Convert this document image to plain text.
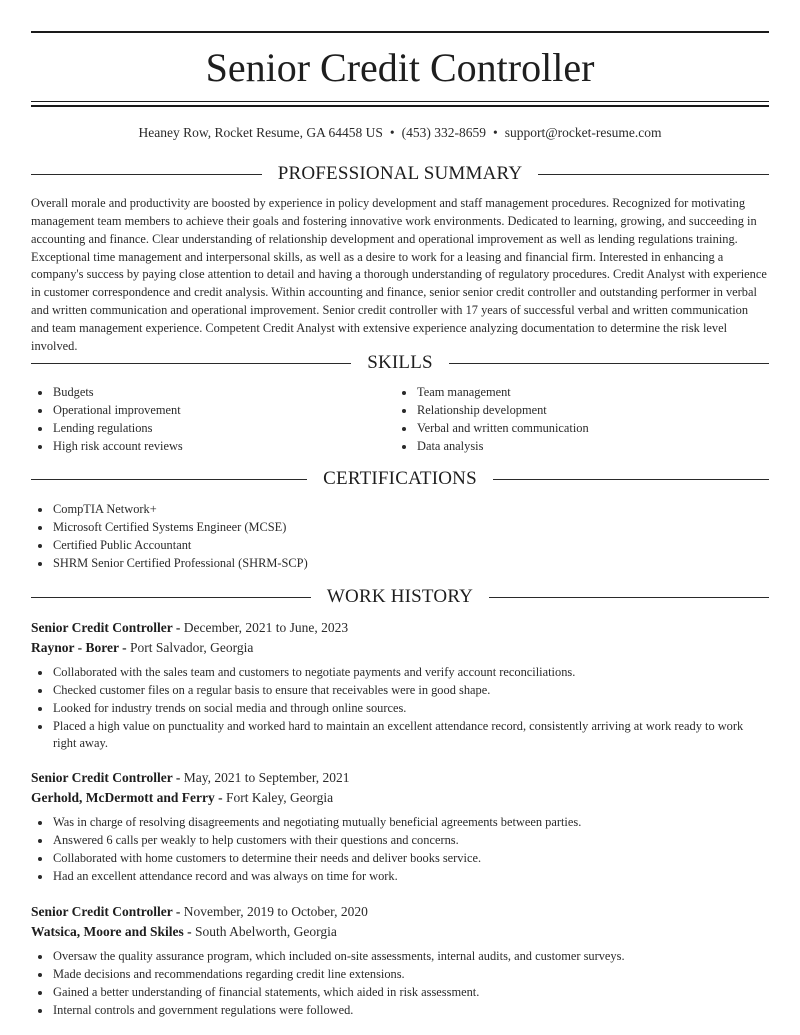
Senior Credit Controller
Heaney Row, Rocket Resume, GA 64458 US • (453) 332-8659 • support@rocket-resume.com
PROFESSIONAL SUMMARY

Overall morale and productivity are boosted by experience in policy development and staff management procedures. Recognized for motivating management team members to achieve their goals and fostering innovative work environments. Dedicated to learning, growing, and succeeding in accounting and finance. Clear understanding of relationship development and operational improvement as well as lending regulations training. Exceptional time management and interpersonal skills, as well as a desire to work for a leasing and financial firm. Interested in enhancing a company's success by paying close attention to detail and having a thorough understanding of regulatory procedures. Credit Analyst with experience in customer correspondence and credit analysis. Within accounting and finance, senior senior credit controller and outstanding performer in verbal and written communication and operational improvement. Senior credit controller with 17 years of successful verbal and written communication and team management experience. Competent Credit Analyst with extensive experience analyzing documentation to determine the risk level involved.

SKILLS
Budgets
Operational improvement
Lending regulations
High risk account reviews
Team management
Relationship development
Verbal and written communication
Data analysis
CERTIFICATIONS
CompTIA Network+
Microsoft Certified Systems Engineer (MCSE)
Certified Public Accountant
SHRM Senior Certified Professional (SHRM-SCP)
WORK HISTORY
Senior Credit Controller - December, 2021 to June, 2023
Raynor - Borer - Port Salvador, Georgia
Collaborated with the sales team and customers to negotiate payments and verify account reconciliations.
Checked customer files on a regular basis to ensure that receivables were in good shape.
Looked for industry trends on social media and through online sources.
Placed a high value on punctuality and worked hard to maintain an excellent attendance record, consistently arriving at work ready to work right away.
Senior Credit Controller - May, 2021 to September, 2021
Gerhold, McDermott and Ferry - Fort Kaley, Georgia
Was in charge of resolving disagreements and negotiating mutually beneficial agreements between parties.
Answered 6 calls per weakly to help customers with their questions and concerns.
Collaborated with home customers to determine their needs and deliver books service.
Had an excellent attendance record and was always on time for work.
Senior Credit Controller - November, 2019 to October, 2020
Watsica, Moore and Skiles - South Abelworth, Georgia
Oversaw the quality assurance program, which included on-site assessments, internal audits, and customer surveys.
Made decisions and recommendations regarding credit line extensions.
Gained a better understanding of financial statements, which aided in risk assessment.
Internal controls and government regulations were followed.
